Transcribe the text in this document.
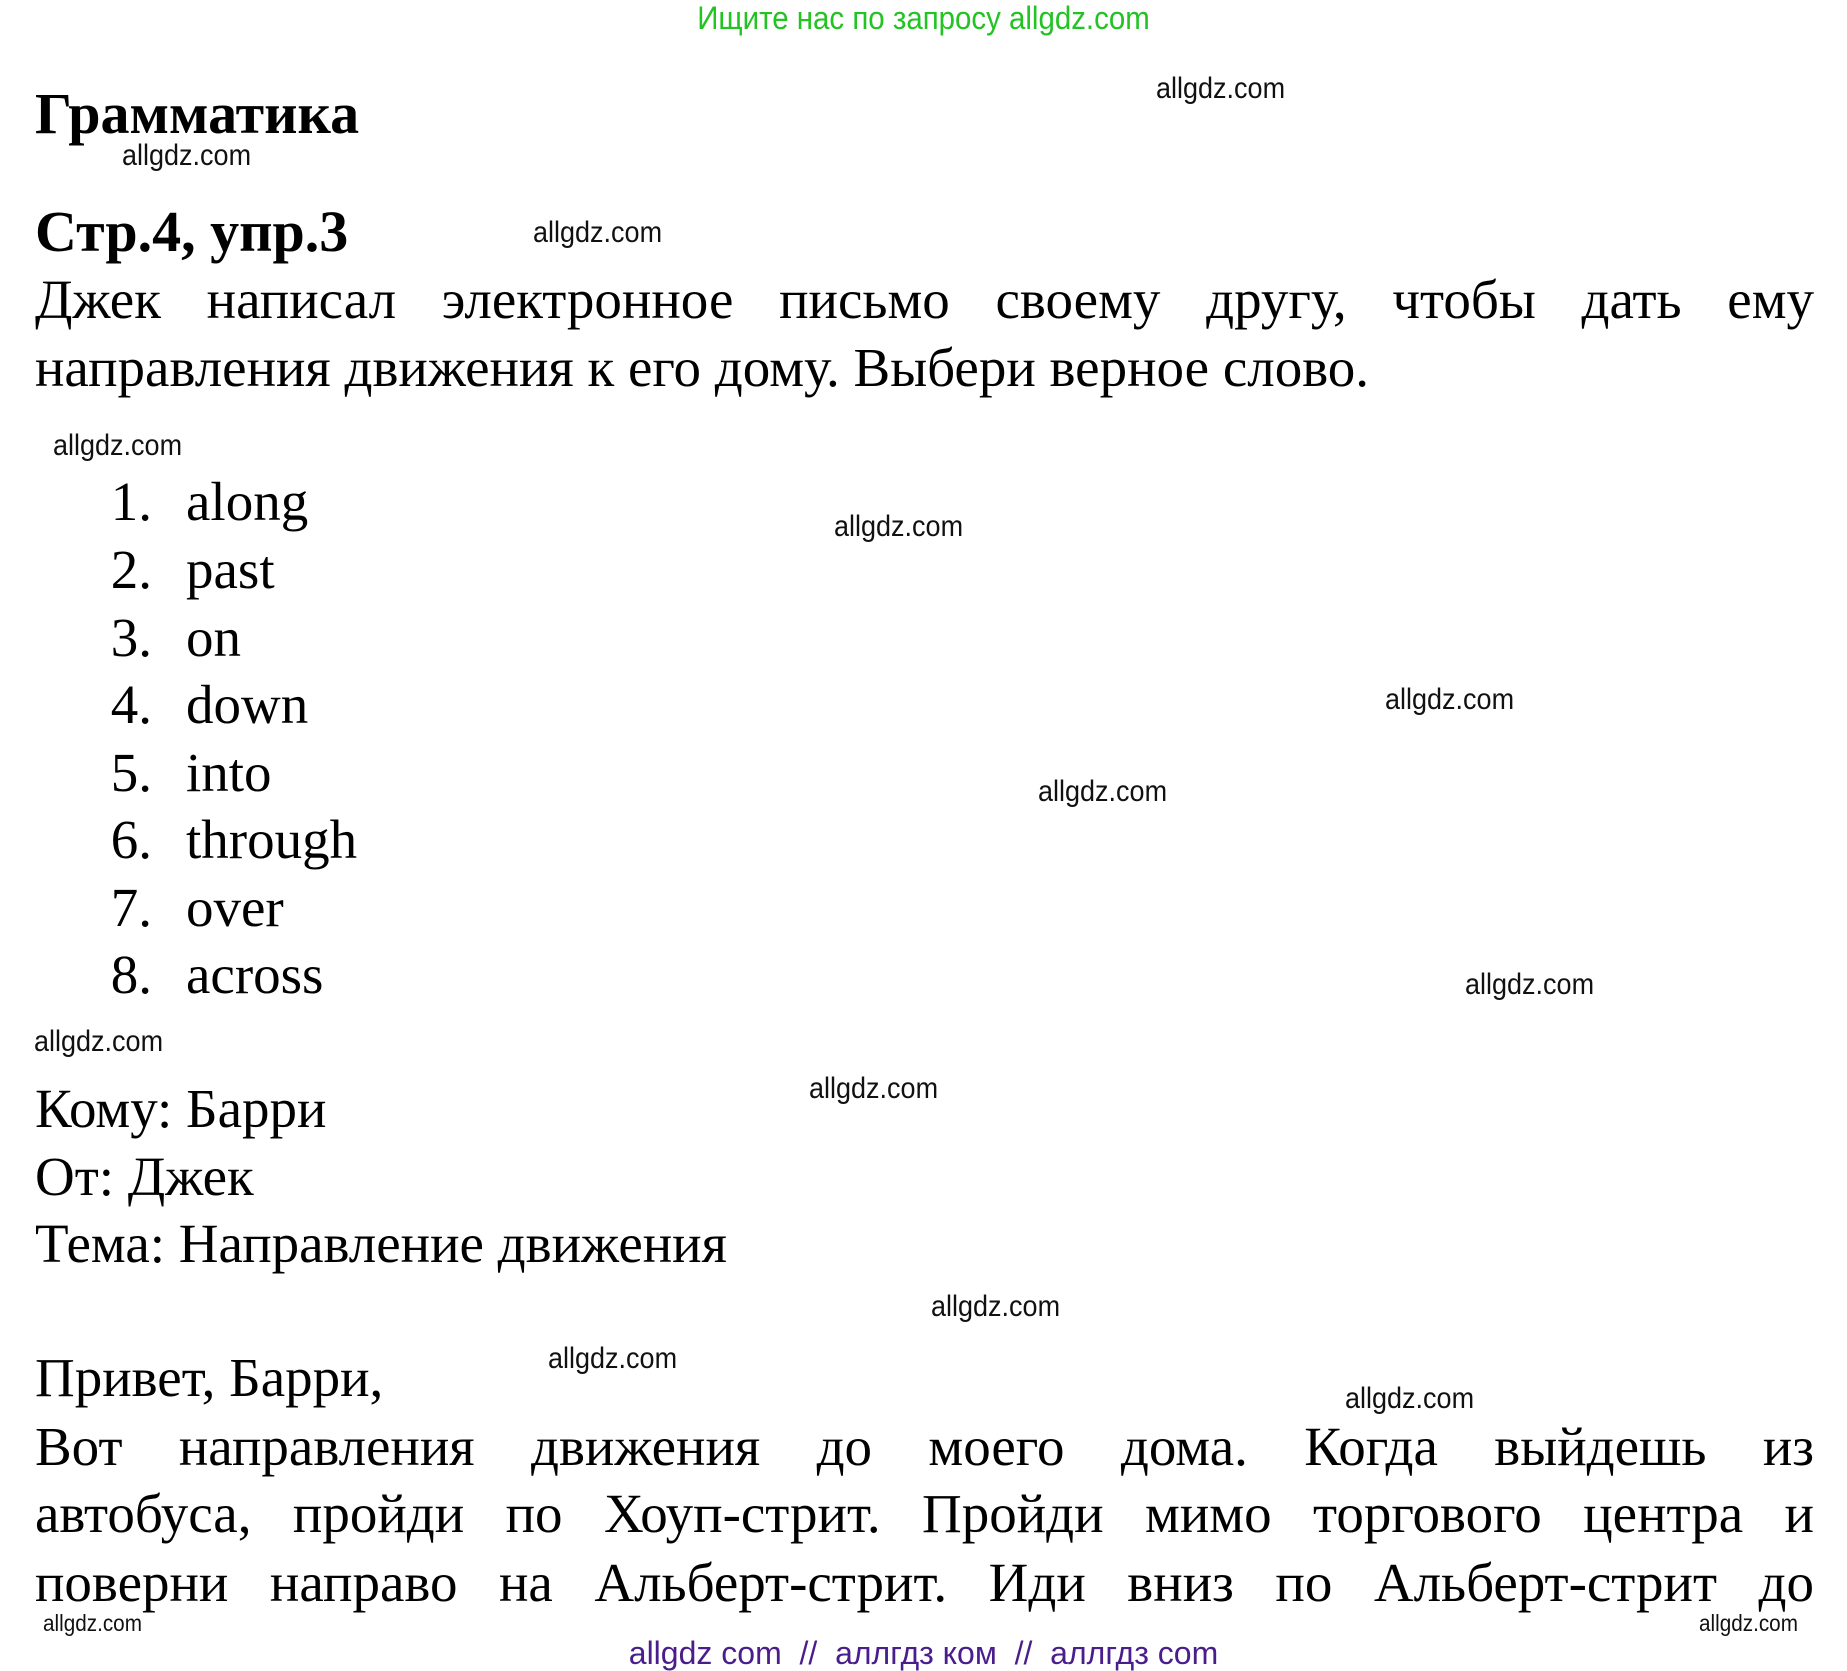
Ищите нас по запросу allgdz.com
Грамматика
Стр.4, упр.3
Джек написал электронное письмо своему другу, чтобы дать ему
направления движения к его дому. Выбери верное слово.
1. along
2. past
3. on
4. down
5. into
6. through
7. over
8. across
Кому: Барри
От: Джек
Тема: Направление движения
Привет, Барри,
Вот направления движения до моего дома. Когда выйдешь из
автобуса, пройди по Хоуп-стрит. Пройди мимо торгового центра и
поверни направо на Альберт-стрит. Иди вниз по Альберт-стрит до
allgdz.com
allgdz.com
allgdz.com
allgdz.com
allgdz.com
allgdz.com
allgdz.com
allgdz.com
allgdz.com
allgdz.com
allgdz.com
allgdz.com
allgdz.com
allgdz.com
allgdz.com
allgdz com  //  аллгдз ком  //  аллгдз com
